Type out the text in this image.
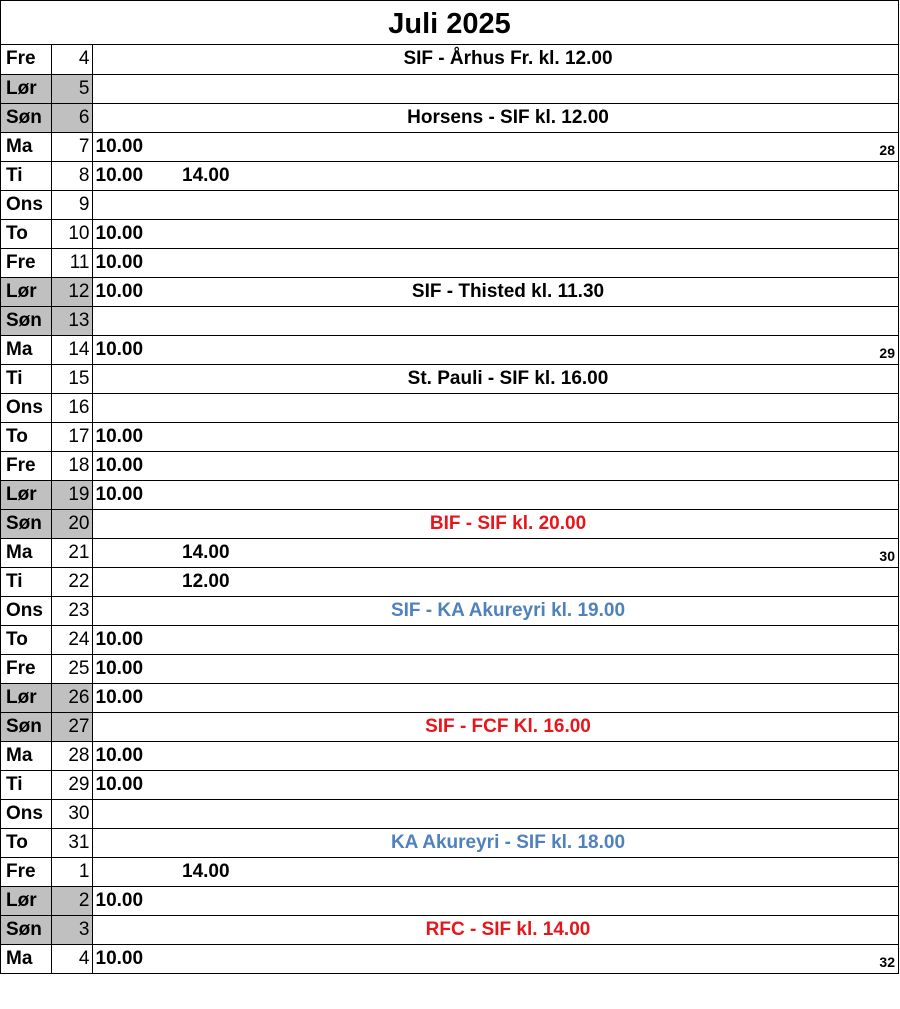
Juli 2025
Fre	4			SIF - Århus Fr. kl. 12.00	
Lør	5				
Søn	6			Horsens - SIF kl. 12.00	
Ma	7	10.00			28
Ti	8	10.00	14.00		
Ons	9				
To	10	10.00			
Fre	11	10.00			
Lør	12	10.00		SIF - Thisted kl. 11.30	
Søn	13				
Ma	14	10.00			29
Ti	15			St. Pauli - SIF kl. 16.00	
Ons	16				
To	17	10.00			
Fre	18	10.00			
Lør	19	10.00			
Søn	20			BIF - SIF kl. 20.00	
Ma	21		14.00		30
Ti	22		12.00		
Ons	23			SIF - KA Akureyri kl. 19.00	
To	24	10.00			
Fre	25	10.00			
Lør	26	10.00			
Søn	27			SIF - FCF Kl. 16.00	
Ma	28	10.00			
Ti	29	10.00			
Ons	30				
To	31			KA Akureyri - SIF kl. 18.00	
Fre	1		14.00		
Lør	2	10.00			
Søn	3			RFC - SIF kl. 14.00	
Ma	4	10.00			32
